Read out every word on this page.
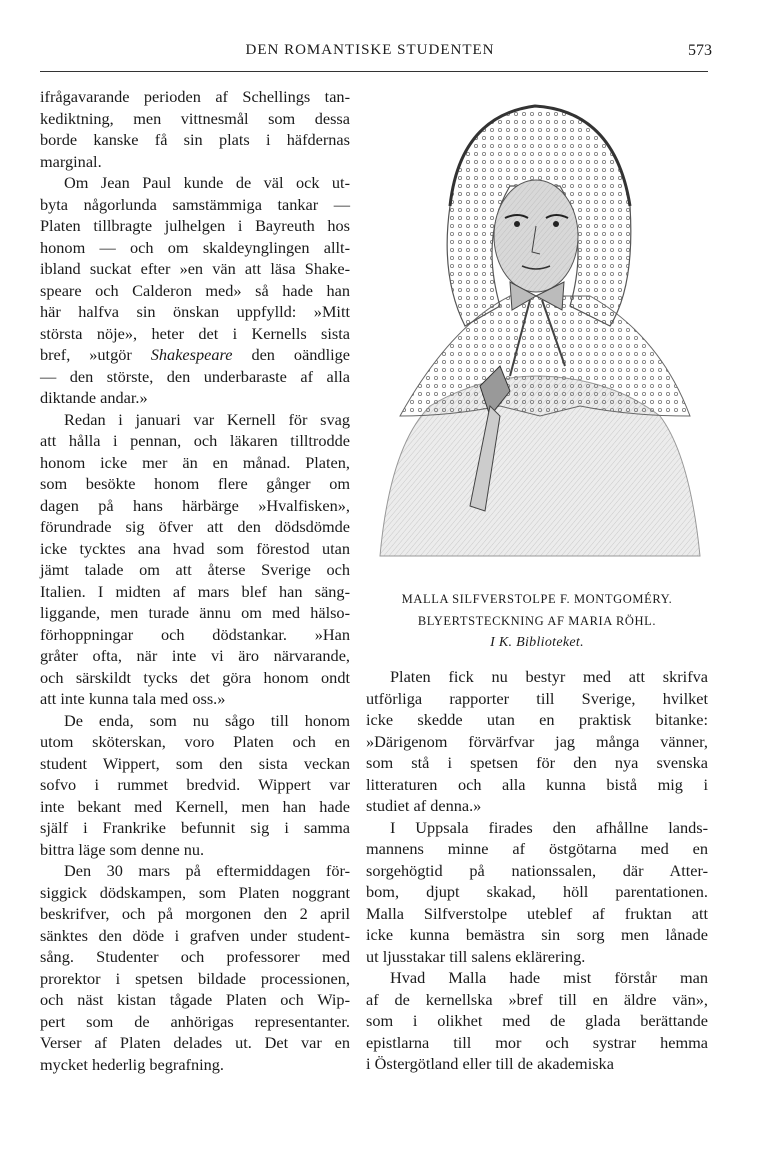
DEN ROMANTISKE STUDENTEN	573
ifrågavarande perioden af Schellings tan-
kediktning, men vittnesmål som dessa
borde kanske få sin plats i häfdernas
marginal.
Om Jean Paul kunde de väl ock ut-
byta någorlunda samstämmiga tankar —
Platen tillbragte julhelgen i Bayreuth hos
honom — och om skaldeynglingen allt-
ibland suckat efter »en vän att läsa Shake-
speare och Calderon med» så hade han
här halfva sin önskan uppfylld: »Mitt
största nöje», heter det i Kernells sista
bref, »utgör Shakespeare den oändlige
— den störste, den underbaraste af alla
diktande andar.»
Redan i januari var Kernell för svag
att hålla i pennan, och läkaren tilltrodde
honom icke mer än en månad. Platen,
som besökte honom flere gånger om
dagen på hans härbärge »Hvalfisken»,
förundrade sig öfver att den dödsdömde
icke tycktes ana hvad som förestod utan
jämt talade om att återse Sverige och
Italien. I midten af mars blef han säng-
liggande, men turade ännu om med hälso-
förhoppningar och dödstankar. »Han
gråter ofta, när inte vi äro närvarande,
och särskildt tycks det göra honom ondt
att inte kunna tala med oss.»
De enda, som nu sågo till honom
utom sköterskan, voro Platen och en
student Wippert, som den sista veckan
sofvo i rummet bredvid. Wippert var
inte bekant med Kernell, men han hade
själf i Frankrike befunnit sig i samma
bittra läge som denne nu.
Den 30 mars på eftermiddagen för-
siggick dödskampen, som Platen noggrant
beskrifver, och på morgonen den 2 april
sänktes den döde i grafven under student-
sång. Studenter och professorer med
prorektor i spetsen bildade processionen,
och näst kistan tågade Platen och Wip-
pert som de anhörigas representanter.
Verser af Platen delades ut. Det var en
mycket hederlig begrafning.
MALLA SILFVERSTOLPE F. MONTGOMÉRY.
BLYERTSTECKNING AF MARIA RÖHL.
I K. Biblioteket.
Platen fick nu bestyr med att skrifva
utförliga rapporter till Sverige, hvilket
icke skedde utan en praktisk bitanke:
»Därigenom förvärfvar jag många vänner,
som stå i spetsen för den nya svenska
litteraturen och alla kunna bistå mig i
studiet af denna.»
I Uppsala firades den afhållne lands-
mannens minne af östgötarna med en
sorgehögtid på nationssalen, där Atter-
bom, djupt skakad, höll parentationen.
Malla Silfverstolpe uteblef af fruktan att
icke kunna bemästra sin sorg men lånade
ut ljusstakar till salens eklärering.
Hvad Malla hade mist förstår man
af de kernellska »bref till en äldre vän»,
som i olikhet med de glada berättande
epistlarna till mor och systrar hemma
i Östergötland eller till de akademiska
